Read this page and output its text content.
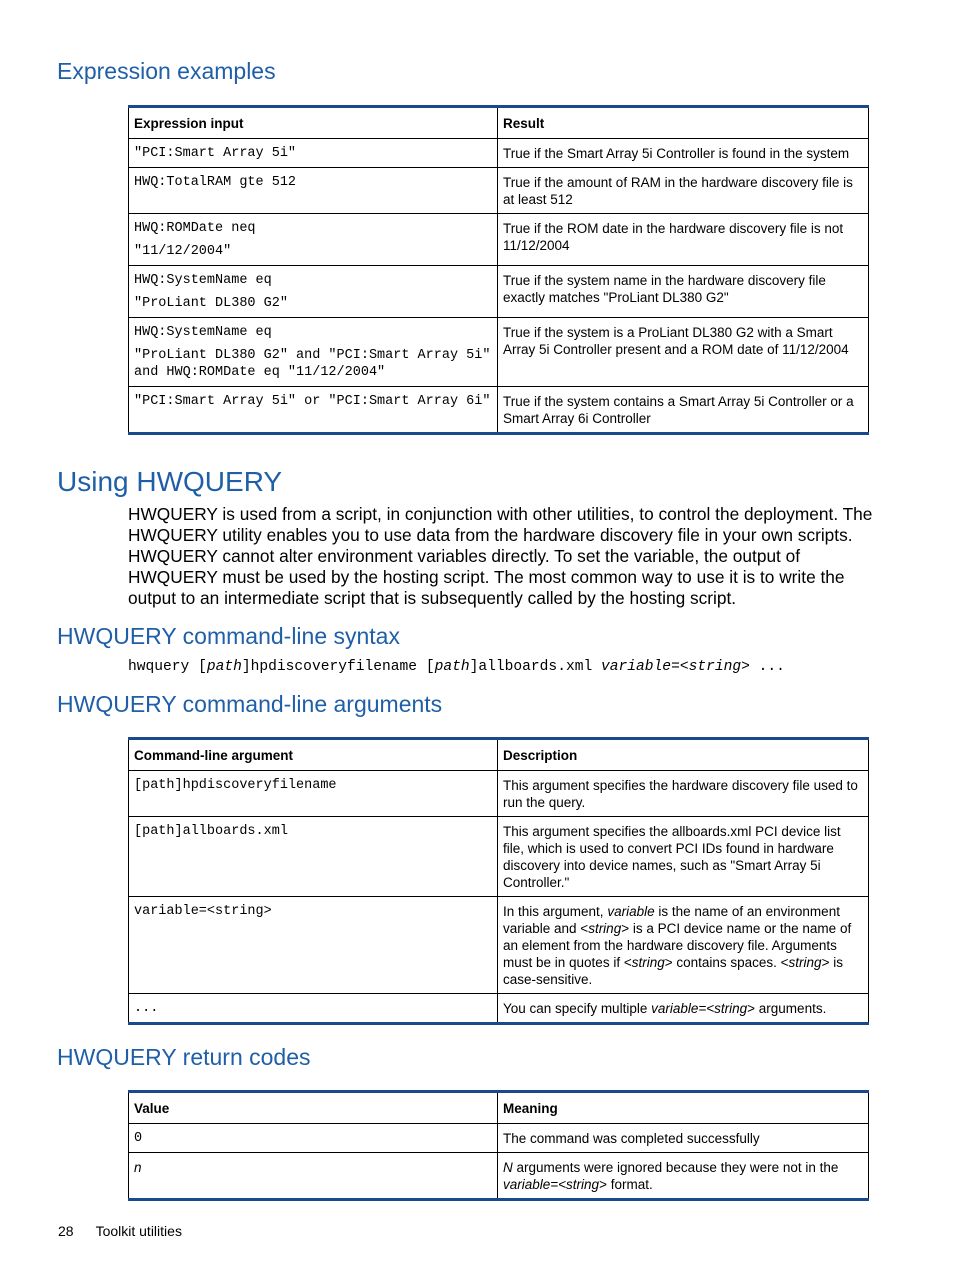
Expression examples
Expression input	Result

"PCI:Smart Array 5i"	True if the Smart Array 5i Controller is found in the system

HWQ:TotalRAM gte 512	True if the amount of RAM in the hardware discovery file is at least 512

HWQ:ROMDate neq
"11/12/2004"	True if the ROM date in the hardware discovery file is not 11/12/2004

HWQ:SystemName eq
"ProLiant DL380 G2"	True if the system name in the hardware discovery file exactly matches "ProLiant DL380 G2"

HWQ:SystemName eq
"ProLiant DL380 G2" and "PCI:Smart Array 5i" and HWQ:ROMDate eq "11/12/2004"	True if the system is a ProLiant DL380 G2 with a Smart Array 5i Controller present and a ROM date of 11/12/2004

"PCI:Smart Array 5i" or "PCI:Smart Array 6i"	True if the system contains a Smart Array 5i Controller or a Smart Array 6i Controller
Using HWQUERY

HWQUERY is used from a script, in conjunction with other utilities, to control the deployment. The HWQUERY utility enables you to use data from the hardware discovery file in your own scripts. HWQUERY cannot alter environment variables directly. To set the variable, the output of HWQUERY must be used by the hosting script. The most common way to use it is to write the output to an intermediate script that is subsequently called by the hosting script.

HWQUERY command-line syntax

hwquery [path]hpdiscoveryfilename [path]allboards.xml variable=<string> ...

HWQUERY command-line arguments
Command-line argument	Description
[path]hpdiscoveryfilename	This argument specifies the hardware discovery file used to run the query.
[path]allboards.xml	This argument specifies the allboards.xml PCI device list file, which is used to convert PCI IDs found in hardware discovery into device names, such as "Smart Array 5i Controller."
variable=<string>	In this argument, variable is the name of an environment variable and <string> is a PCI device name or the name of an element from the hardware discovery file. Arguments must be in quotes if <string> contains spaces. <string> is case-sensitive.
...	You can specify multiple variable=<string> arguments.
HWQUERY return codes
Value	Meaning
0	The command was completed successfully
n	N arguments were ignored because they were not in the variable=<string> format.
28 Toolkit utilities
